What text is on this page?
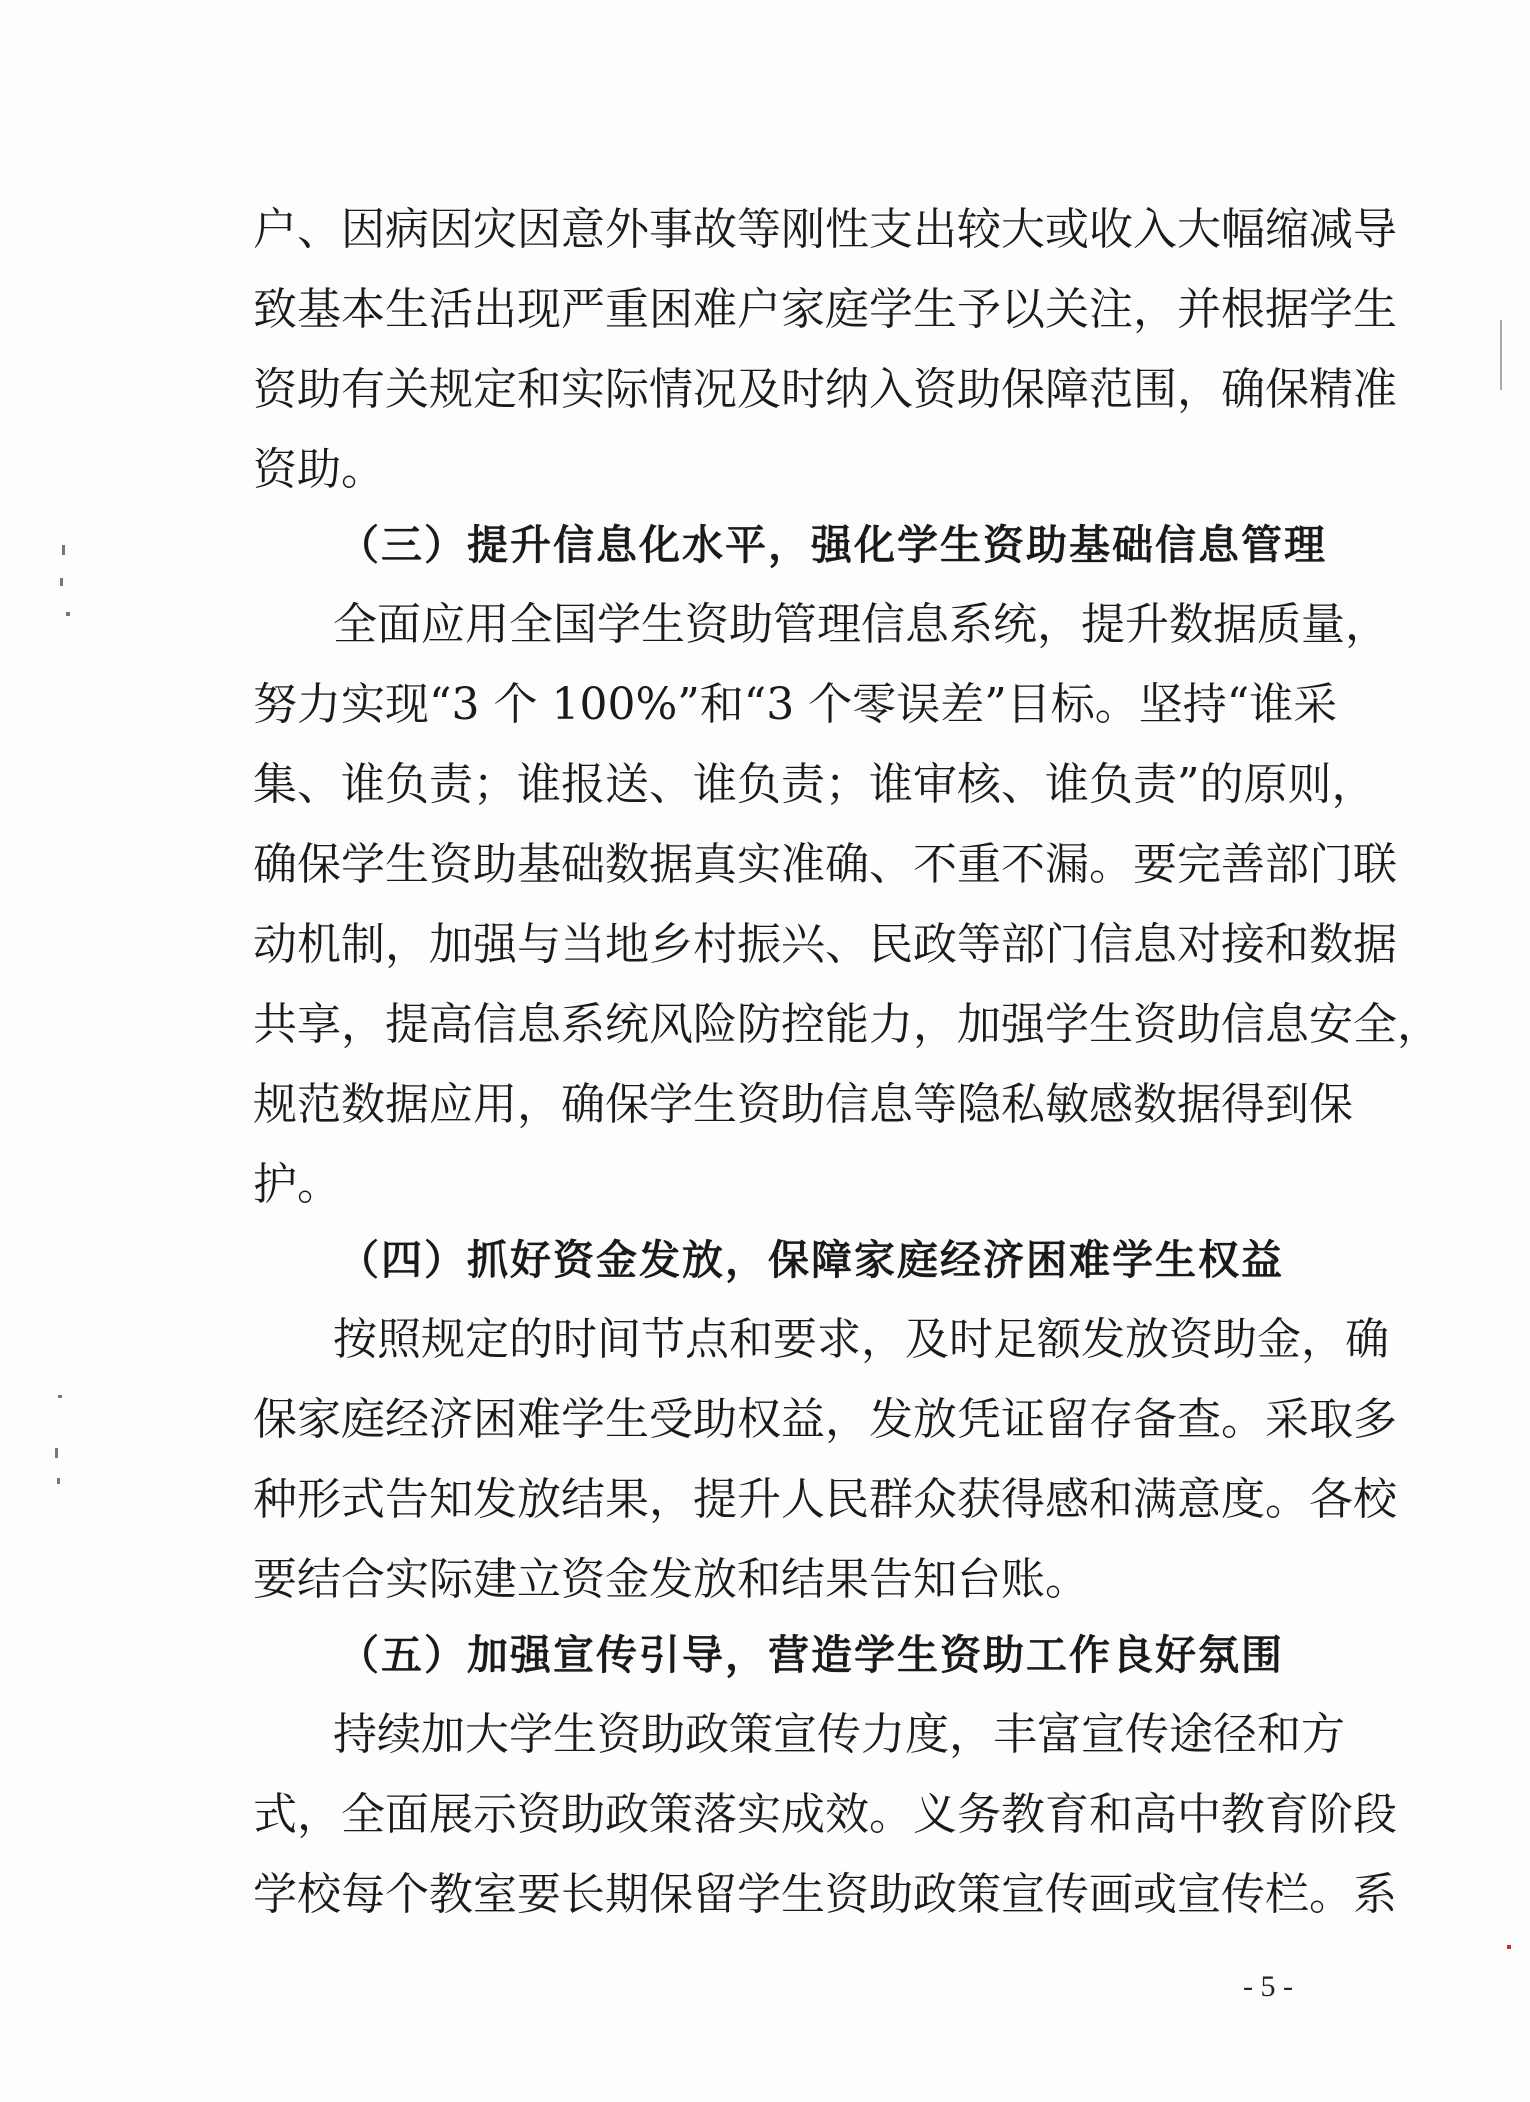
户、因病因灾因意外事故等刚性支出较大或收入大幅缩减导
致基本生活出现严重困难户家庭学生予以关注，并根据学生
资助有关规定和实际情况及时纳入资助保障范围，确保精准
资助。
（三）提升信息化水平，强化学生资助基础信息管理
全面应用全国学生资助管理信息系统，提升数据质量，
努力实现“3 个 100%”和“3 个零误差”目标。坚持“谁采
集、谁负责；谁报送、谁负责；谁审核、谁负责”的原则，
确保学生资助基础数据真实准确、不重不漏。要完善部门联
动机制，加强与当地乡村振兴、民政等部门信息对接和数据
共享，提高信息系统风险防控能力，加强学生资助信息安全，
规范数据应用，确保学生资助信息等隐私敏感数据得到保
护。
（四）抓好资金发放，保障家庭经济困难学生权益
按照规定的时间节点和要求，及时足额发放资助金，确
保家庭经济困难学生受助权益，发放凭证留存备查。采取多
种形式告知发放结果，提升人民群众获得感和满意度。各校
要结合实际建立资金发放和结果告知台账。
（五）加强宣传引导，营造学生资助工作良好氛围
持续加大学生资助政策宣传力度，丰富宣传途径和方
式，全面展示资助政策落实成效。义务教育和高中教育阶段
学校每个教室要长期保留学生资助政策宣传画或宣传栏。系
- 5 -
